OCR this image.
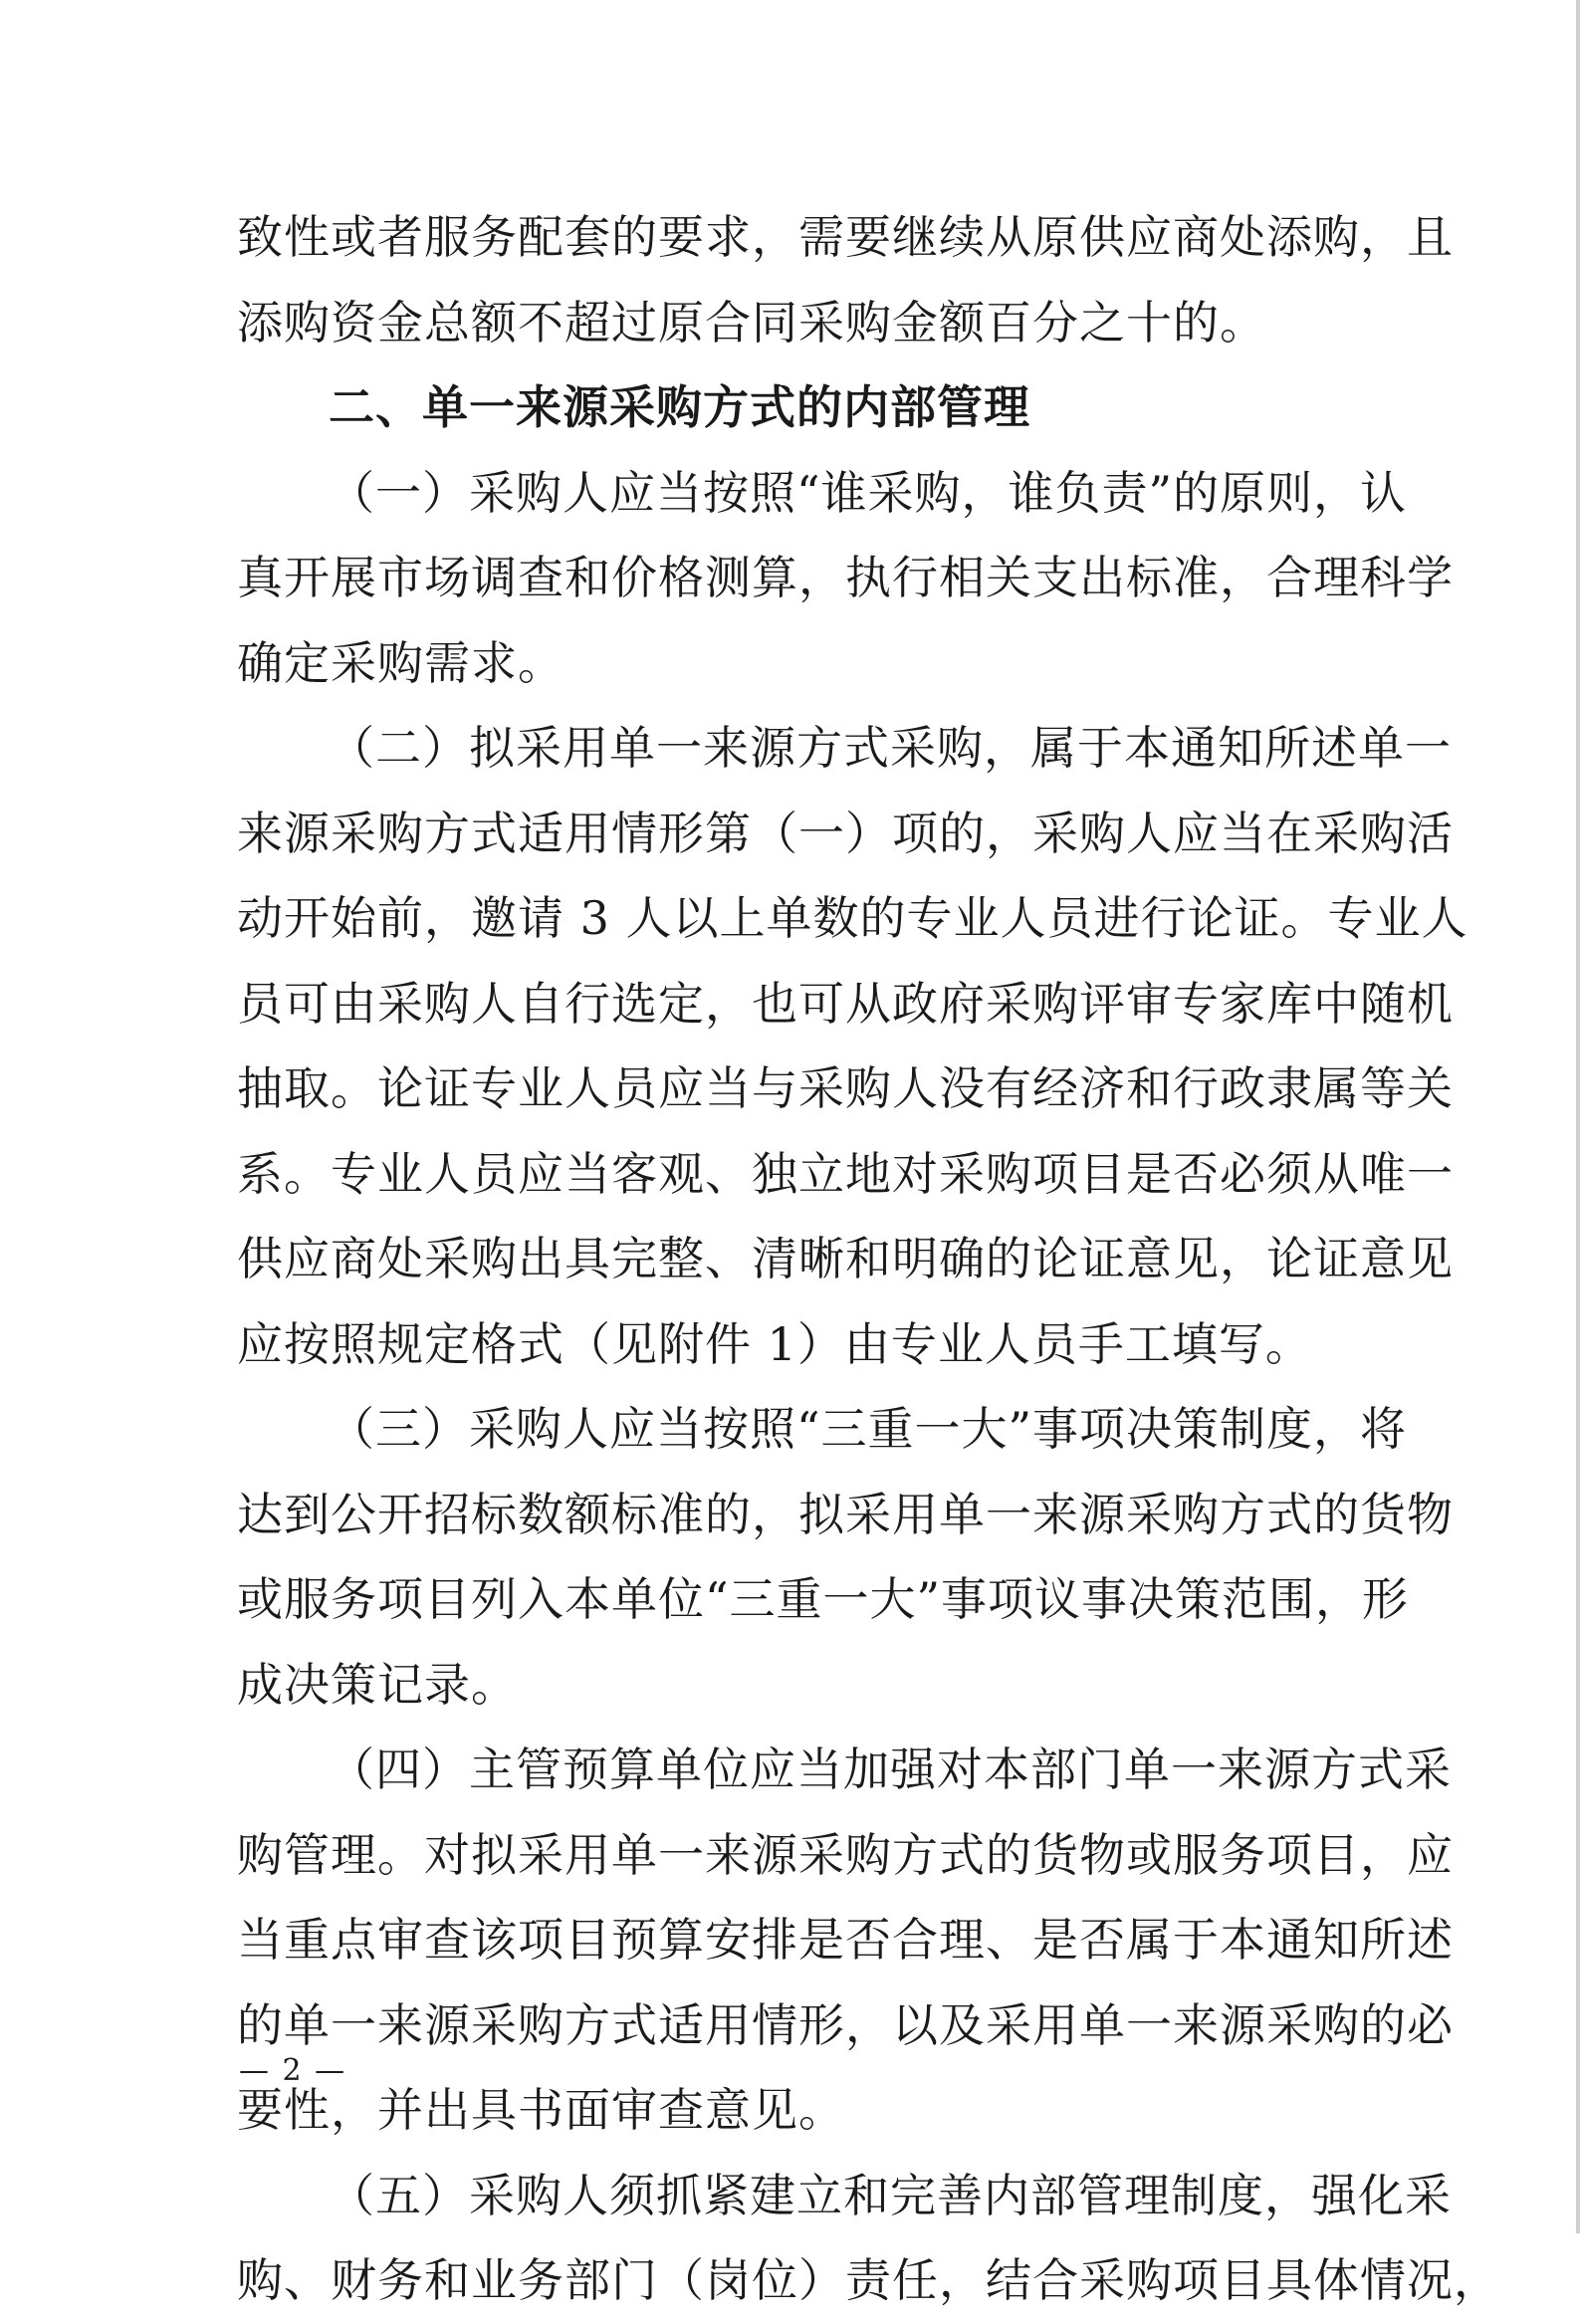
致性或者服务配套的要求，需要继续从原供应商处添购，且
添购资金总额不超过原合同采购金额百分之十的。
二、单一来源采购方式的内部管理
（一）采购人应当按照“谁采购，谁负责”的原则，认
真开展市场调查和价格测算，执行相关支出标准，合理科学
确定采购需求。
（二）拟采用单一来源方式采购，属于本通知所述单一
来源采购方式适用情形第（一）项的，采购人应当在采购活
动开始前，邀请 3 人以上单数的专业人员进行论证。专业人
员可由采购人自行选定，也可从政府采购评审专家库中随机
抽取。论证专业人员应当与采购人没有经济和行政隶属等关
系。专业人员应当客观、独立地对采购项目是否必须从唯一
供应商处采购出具完整、清晰和明确的论证意见，论证意见
应按照规定格式（见附件 1）由专业人员手工填写。
（三）采购人应当按照“三重一大”事项决策制度，将
达到公开招标数额标准的，拟采用单一来源采购方式的货物
或服务项目列入本单位“三重一大”事项议事决策范围，形
成决策记录。
（四）主管预算单位应当加强对本部门单一来源方式采
购管理。对拟采用单一来源采购方式的货物或服务项目，应
当重点审查该项目预算安排是否合理、是否属于本通知所述
的单一来源采购方式适用情形，以及采用单一来源采购的必
要性，并出具书面审查意见。
（五）采购人须抓紧建立和完善内部管理制度，强化采
购、财务和业务部门（岗位）责任，结合采购项目具体情况，
— 2 —
